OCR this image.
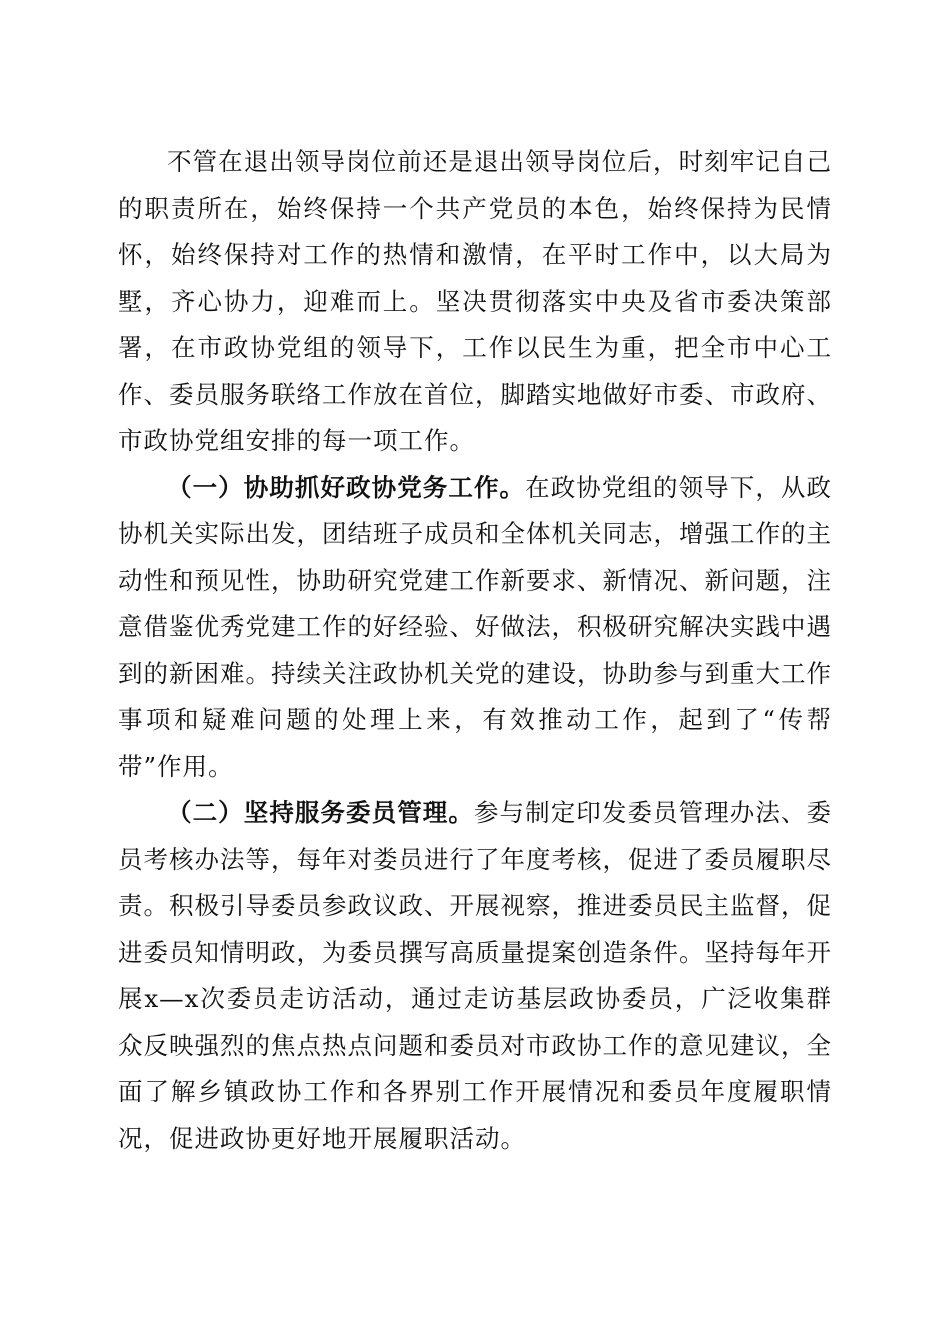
不管在退出领导岗位前还是退出领导岗位后，时刻牢记自己的职责所在，始终保持一个共产党员的本色，始终保持为民情怀，始终保持对工作的热情和激情，在平时工作中，以大局为墅，齐心协力，迎难而上。坚决贯彻落实中央及省市委决策部署，在市政协党组的领导下，工作以民生为重，把全市中心工作、委员服务联络工作放在首位，脚踏实地做好市委、市政府、市政协党组安排的每一项工作。

（一）协助抓好政协党务工作。在政协党组的领导下，从政协机关实际出发，团结班子成员和全体机关同志，增强工作的主动性和预见性，协助研究党建工作新要求、新情况、新问题，注意借鉴优秀党建工作的好经验、好做法，积极研究解决实践中遇到的新困难。持续关注政协机关党的建设，协助参与到重大工作事项和疑难问题的处理上来，有效推动工作，起到了“传帮带”作用。

（二）坚持服务委员管理。参与制定印发委员管理办法、委员考核办法等，每年对娄员进行了年度考核，促进了委员履职尽责。积极引导委员参政议政、开展视察，推进委员民主监督，促进委员知情明政，为委员撰写高质量提案创造条件。坚持每年开展x—x次委员走访活动，通过走访基层政协委员，广泛收集群众反映强烈的焦点热点问题和委员对市政协工作的意见建议，全面了解乡镇政协工作和各界别工作开展情况和委员年度履职情况，促进政协更好地开展履职活动。
